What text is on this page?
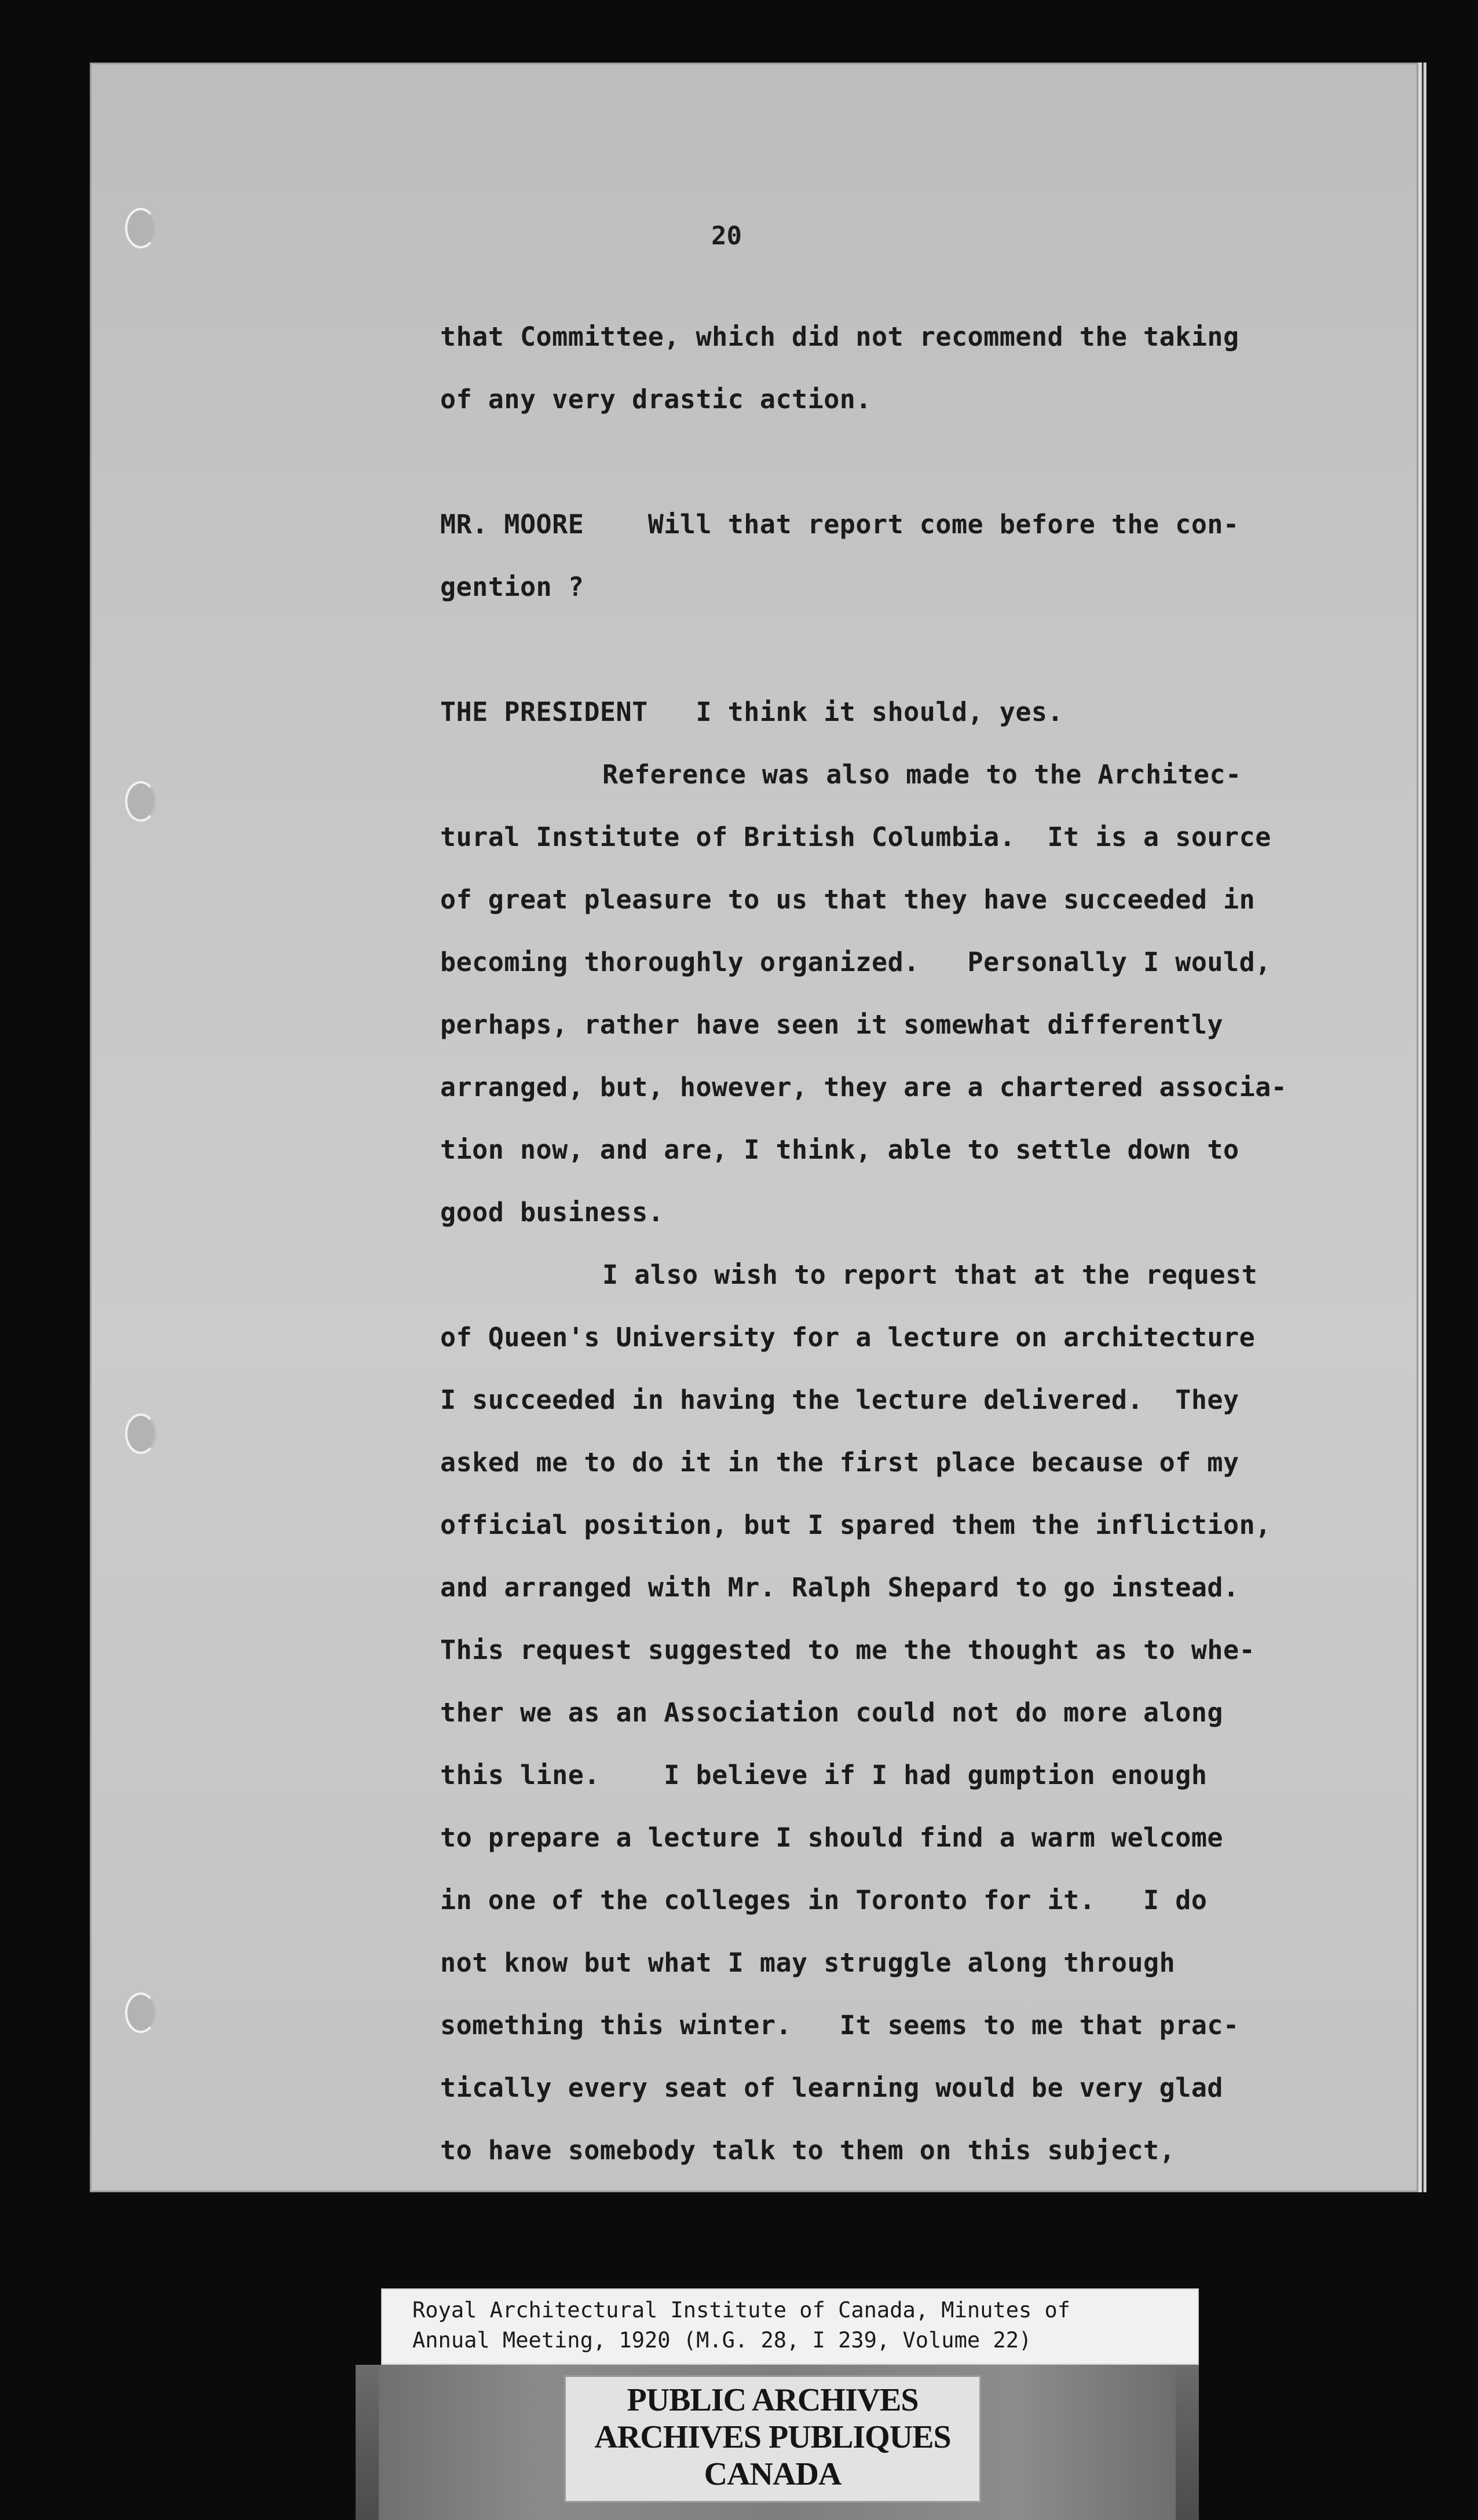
20
that Committee, which did not recommend the taking
of any very drastic action.
MR. MOORE    Will that report come before the con-
gention ?
THE PRESIDENT   I think it should, yes.
Reference was also made to the Architec-
tural Institute of British Columbia.  It is a source
of great pleasure to us that they have succeeded in
becoming thoroughly organized.   Personally I would,
perhaps, rather have seen it somewhat differently
arranged, but, however, they are a chartered associa-
tion now, and are, I think, able to settle down to
good business.
I also wish to report that at the request
of Queen's University for a lecture on architecture
I succeeded in having the lecture delivered.  They
asked me to do it in the first place because of my
official position, but I spared them the infliction,
and arranged with Mr. Ralph Shepard to go instead.
This request suggested to me the thought as to whe-
ther we as an Association could not do more along
this line.    I believe if I had gumption enough
to prepare a lecture I should find a warm welcome
in one of the colleges in Toronto for it.   I do
not know but what I may struggle along through
something this winter.   It seems to me that prac-
tically every seat of learning would be very glad
to have somebody talk to them on this subject,
Royal Architectural Institute of Canada, Minutes of
Annual Meeting, 1920 (M.G. 28, I 239, Volume 22)
PUBLIC ARCHIVES
ARCHIVES PUBLIQUES
CANADA
